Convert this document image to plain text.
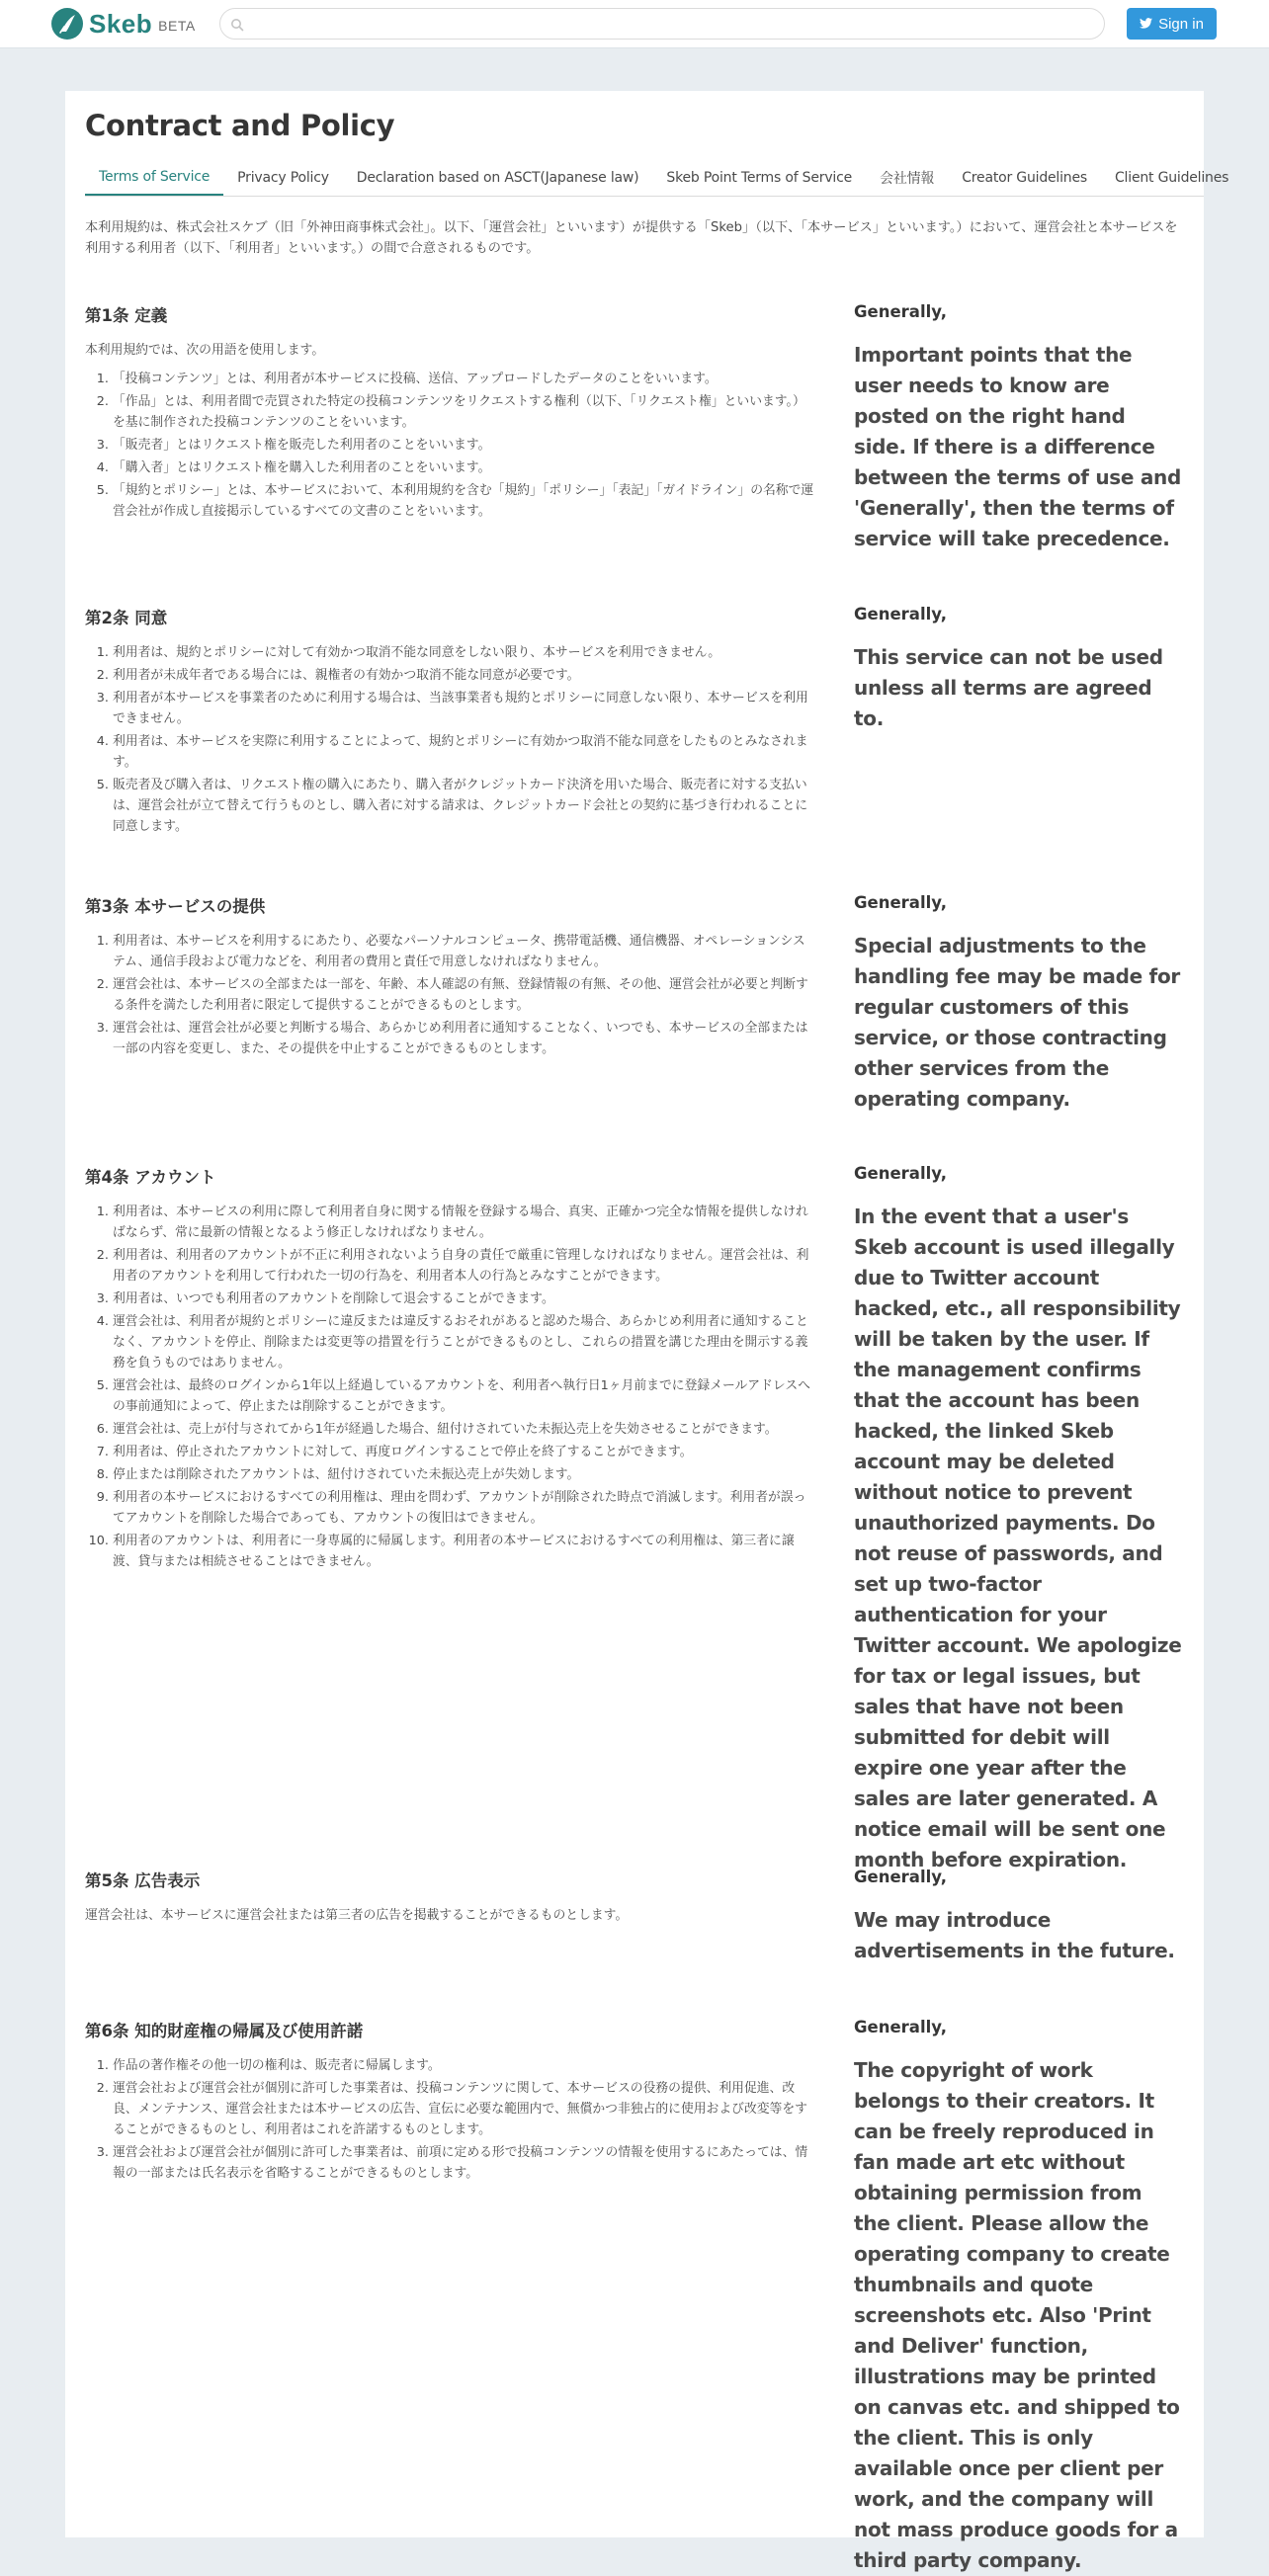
Skeb BETA	Sign in
Contract and Policy
Terms of Service	Privacy Policy	Declaration based on ASCT(Japanese law)	Skeb Point Terms of Service	会社情報	Creator Guidelines	Client Guidelines

本利用規約は、株式会社スケブ（旧「外神田商事株式会社」。以下、「運営会社」といいます）が提供する「Skeb」（以下、「本サービス」といいます。）において、運営会社と本サービスを利用する利用者（以下、「利用者」といいます。）の間で合意されるものです。

第1条 定義

本利用規約では、次の用語を使用します。

1. 「投稿コンテンツ」とは、利用者が本サービスに投稿、送信、アップロードしたデータのことをいいます。
2. 「作品」とは、利用者間で売買された特定の投稿コンテンツをリクエストする権利（以下、「リクエスト権」といいます。）を基に制作された投稿コンテンツのことをいいます。
3. 「販売者」とはリクエスト権を販売した利用者のことをいいます。
4. 「購入者」とはリクエスト権を購入した利用者のことをいいます。
5. 「規約とポリシー」とは、本サービスにおいて、本利用規約を含む「規約」「ポリシー」「表記」「ガイドライン」の名称で運営会社が作成し直接掲示しているすべての文書のことをいいます。
Generally,

Important points that the user needs to know are posted on the right hand side. If there is a difference between the terms of use and 'Generally', then the terms of service will take precedence.

第2条 同意
1. 利用者は、規約とポリシーに対して有効かつ取消不能な同意をしない限り、本サービスを利用できません。
2. 利用者が未成年者である場合には、親権者の有効かつ取消不能な同意が必要です。
3. 利用者が本サービスを事業者のために利用する場合は、当該事業者も規約とポリシーに同意しない限り、本サービスを利用できません。
4. 利用者は、本サービスを実際に利用することによって、規約とポリシーに有効かつ取消不能な同意をしたものとみなされます。
5. 販売者及び購入者は、リクエスト権の購入にあたり、購入者がクレジットカード決済を用いた場合、販売者に対する支払いは、運営会社が立て替えて行うものとし、購入者に対する請求は、クレジットカード会社との契約に基づき行われることに同意します。
Generally,

This service can not be used unless all terms are agreed to.

第3条 本サービスの提供
1. 利用者は、本サービスを利用するにあたり、必要なパーソナルコンピュータ、携帯電話機、通信機器、オペレーションシステム、通信手段および電力などを、利用者の費用と責任で用意しなければなりません。
2. 運営会社は、本サービスの全部または一部を、年齢、本人確認の有無、登録情報の有無、その他、運営会社が必要と判断する条件を満たした利用者に限定して提供することができるものとします。
3. 運営会社は、運営会社が必要と判断する場合、あらかじめ利用者に通知することなく、いつでも、本サービスの全部または一部の内容を変更し、また、その提供を中止することができるものとします。
Generally,

Special adjustments to the handling fee may be made for regular customers of this service, or those contracting other services from the operating company.

第4条 アカウント
1. 利用者は、本サービスの利用に際して利用者自身に関する情報を登録する場合、真実、正確かつ完全な情報を提供しなければならず、常に最新の情報となるよう修正しなければなりません。
2. 利用者は、利用者のアカウントが不正に利用されないよう自身の責任で厳重に管理しなければなりません。運営会社は、利用者のアカウントを利用して行われた一切の行為を、利用者本人の行為とみなすことができます。
3. 利用者は、いつでも利用者のアカウントを削除して退会することができます。
4. 運営会社は、利用者が規約とポリシーに違反または違反するおそれがあると認めた場合、あらかじめ利用者に通知することなく、アカウントを停止、削除または変更等の措置を行うことができるものとし、これらの措置を講じた理由を開示する義務を負うものではありません。
5. 運営会社は、最終のログインから1年以上経過しているアカウントを、利用者へ執行日1ヶ月前までに登録メールアドレスへの事前通知によって、停止または削除することができます。
6. 運営会社は、売上が付与されてから1年が経過した場合、紐付けされていた未振込売上を失効させることができます。
7. 利用者は、停止されたアカウントに対して、再度ログインすることで停止を終了することができます。
8. 停止または削除されたアカウントは、紐付けされていた未振込売上が失効します。
9. 利用者の本サービスにおけるすべての利用権は、理由を問わず、アカウントが削除された時点で消滅します。利用者が誤ってアカウントを削除した場合であっても、アカウントの復旧はできません。
10. 利用者のアカウントは、利用者に一身専属的に帰属します。利用者の本サービスにおけるすべての利用権は、第三者に譲渡、貸与または相続させることはできません。
Generally,

In the event that a user's Skeb account is used illegally due to Twitter account hacked, etc., all responsibility will be taken by the user. If the management confirms that the account has been hacked, the linked Skeb account may be deleted without notice to prevent unauthorized payments. Do not reuse of passwords, and set up two-factor authentication for your Twitter account. We apologize for tax or legal issues, but sales that have not been submitted for debit will expire one year after the sales are later generated. A notice email will be sent one month before expiration.

第5条 広告表示

運営会社は、本サービスに運営会社または第三者の広告を掲載することができるものとします。

Generally,

We may introduce advertisements in the future.

第6条 知的財産権の帰属及び使用許諾
1. 作品の著作権その他一切の権利は、販売者に帰属します。
2. 運営会社および運営会社が個別に許可した事業者は、投稿コンテンツに関して、本サービスの役務の提供、利用促進、改良、メンテナンス、運営会社または本サービスの広告、宣伝に必要な範囲内で、無償かつ非独占的に使用および改変等をすることができるものとし、利用者はこれを許諾するものとします。
3. 運営会社および運営会社が個別に許可した事業者は、前項に定める形で投稿コンテンツの情報を使用するにあたっては、情報の一部または氏名表示を省略することができるものとします。
Generally,

The copyright of work belongs to their creators. It can be freely reproduced in fan made art etc without obtaining permission from the client. Please allow the operating company to create thumbnails and quote screenshots etc. Also 'Print and Deliver' function, illustrations may be printed on canvas etc. and shipped to the client. This is only available once per client per work, and the company will not mass produce goods for a third party company.
